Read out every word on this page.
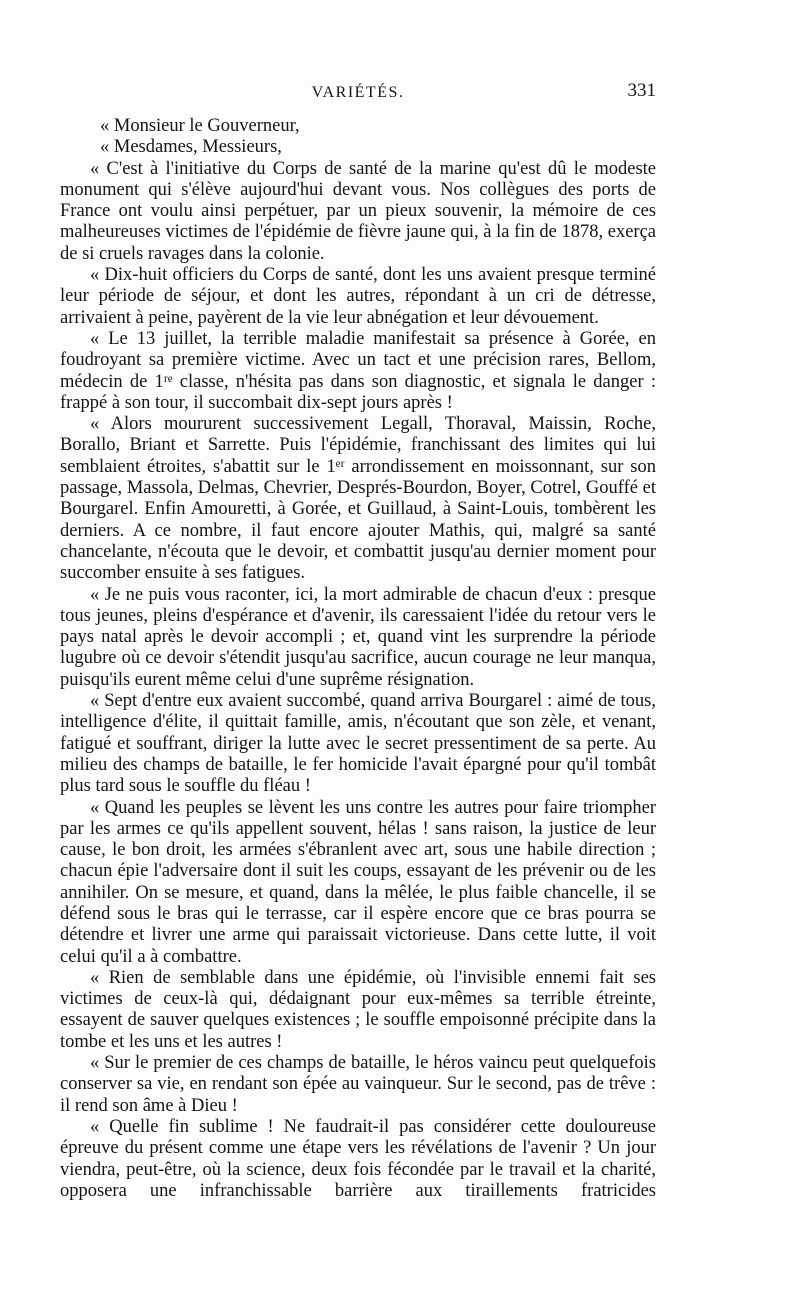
VARIÉTÉS.	331

« Monsieur le Gouverneur,

« Mesdames, Messieurs,

« C'est à l'initiative du Corps de santé de la marine qu'est dû le modeste monument qui s'élève aujourd'hui devant vous. Nos collègues des ports de France ont voulu ainsi perpétuer, par un pieux souvenir, la mémoire de ces malheureuses victimes de l'épidémie de fièvre jaune qui, à la fin de 1878, exerça de si cruels ravages dans la colonie.

« Dix-huit officiers du Corps de santé, dont les uns avaient presque terminé leur période de séjour, et dont les autres, répondant à un cri de détresse, arrivaient à peine, payèrent de la vie leur abnégation et leur dévouement.

« Le 13 juillet, la terrible maladie manifestait sa présence à Gorée, en foudroyant sa première victime. Avec un tact et une précision rares, Bellom, médecin de 1ʳᵉ classe, n'hésita pas dans son diagnostic, et signala le danger : frappé à son tour, il succombait dix-sept jours après !

« Alors moururent successivement Legall, Thoraval, Maissin, Roche, Borallo, Briant et Sarrette. Puis l'épidémie, franchissant des limites qui lui semblaient étroites, s'abattit sur le 1ᵉʳ arrondissement en moissonnant, sur son passage, Massola, Delmas, Chevrier, Després-Bourdon, Boyer, Cotrel, Gouffé et Bourgarel. Enfin Amouretti, à Gorée, et Guillaud, à Saint-Louis, tombèrent les derniers. A ce nombre, il faut encore ajouter Mathis, qui, malgré sa santé chancelante, n'écouta que le devoir, et combattit jusqu'au dernier moment pour succomber ensuite à ses fatigues.

« Je ne puis vous raconter, ici, la mort admirable de chacun d'eux : presque tous jeunes, pleins d'espérance et d'avenir, ils caressaient l'idée du retour vers le pays natal après le devoir accompli ; et, quand vint les surprendre la période lugubre où ce devoir s'étendit jusqu'au sacrifice, aucun courage ne leur manqua, puisqu'ils eurent même celui d'une suprême résignation.

« Sept d'entre eux avaient succombé, quand arriva Bourgarel : aimé de tous, intelligence d'élite, il quittait famille, amis, n'écoutant que son zèle, et venant, fatigué et souffrant, diriger la lutte avec le secret pressentiment de sa perte. Au milieu des champs de bataille, le fer homicide l'avait épargné pour qu'il tombât plus tard sous le souffle du fléau !

« Quand les peuples se lèvent les uns contre les autres pour faire triompher par les armes ce qu'ils appellent souvent, hélas ! sans raison, la justice de leur cause, le bon droit, les armées s'ébranlent avec art, sous une habile direction ; chacun épie l'adversaire dont il suit les coups, essayant de les prévenir ou de les annihiler. On se mesure, et quand, dans la mêlée, le plus faible chancelle, il se défend sous le bras qui le terrasse, car il espère encore que ce bras pourra se détendre et livrer une arme qui paraissait victorieuse. Dans cette lutte, il voit celui qu'il a à combattre.

« Rien de semblable dans une épidémie, où l'invisible ennemi fait ses victimes de ceux-là qui, dédaignant pour eux-mêmes sa terrible étreinte, essayent de sauver quelques existences ; le souffle empoisonné précipite dans la tombe et les uns et les autres !

« Sur le premier de ces champs de bataille, le héros vaincu peut quelquefois conserver sa vie, en rendant son épée au vainqueur. Sur le second, pas de trêve : il rend son âme à Dieu !

« Quelle fin sublime ! Ne faudrait-il pas considérer cette douloureuse épreuve du présent comme une étape vers les révélations de l'avenir ? Un jour viendra, peut-être, où la science, deux fois fécondée par le travail et la charité, opposera une infranchissable barrière aux tiraillements fratricides
